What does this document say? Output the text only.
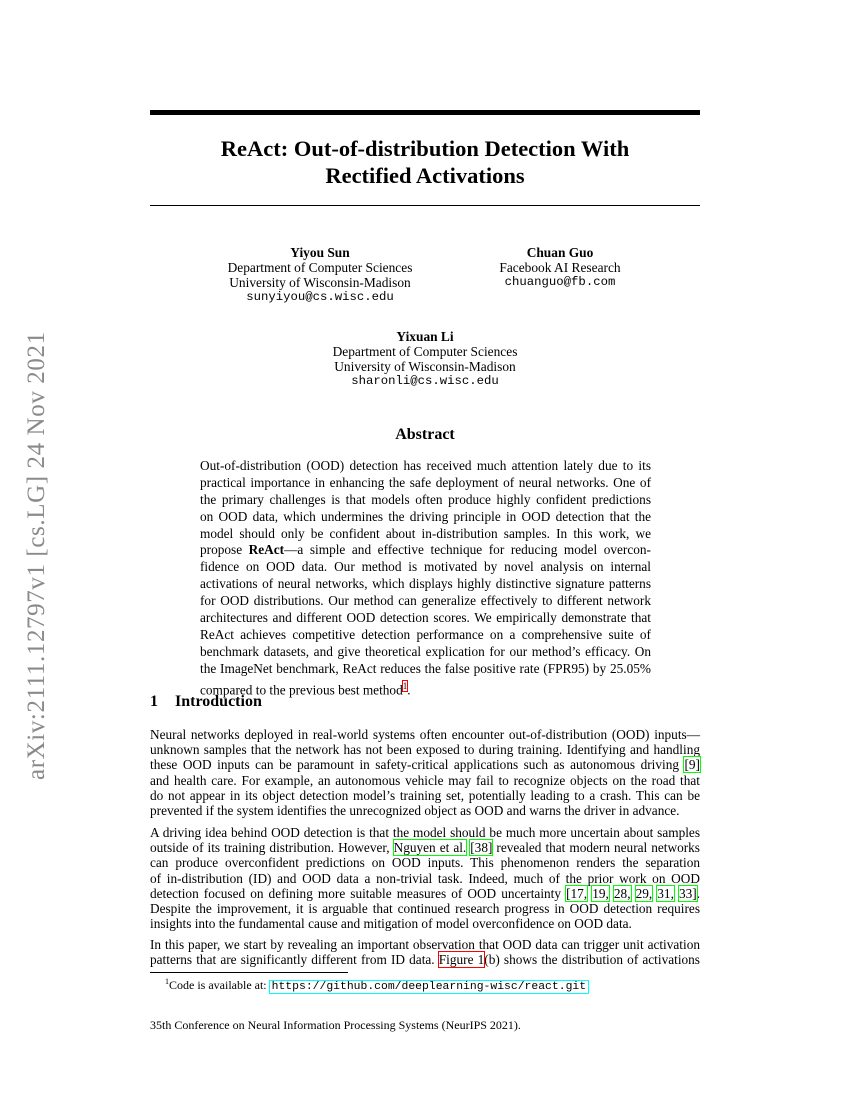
arXiv:2111.12797v1 [cs.LG] 24 Nov 2021
ReAct: Out-of-distribution Detection With
Rectified Activations
Yiyou Sun
Department of Computer Sciences
University of Wisconsin-Madison
sunyiyou@cs.wisc.edu
Chuan Guo
Facebook AI Research
chuanguo@fb.com
Yixuan Li
Department of Computer Sciences
University of Wisconsin-Madison
sharonli@cs.wisc.edu
Abstract
Out-of-distribution (OOD) detection has received much attention lately due to its
practical importance in enhancing the safe deployment of neural networks. One of
the primary challenges is that models often produce highly confident predictions
on OOD data, which undermines the driving principle in OOD detection that the
model should only be confident about in-distribution samples. In this work, we
propose ReAct—a simple and effective technique for reducing model overcon-
fidence on OOD data. Our method is motivated by novel analysis on internal
activations of neural networks, which displays highly distinctive signature patterns
for OOD distributions. Our method can generalize effectively to different network
architectures and different OOD detection scores. We empirically demonstrate that
ReAct achieves competitive detection performance on a comprehensive suite of
benchmark datasets, and give theoretical explication for our method’s efficacy. On
the ImageNet benchmark, ReAct reduces the false positive rate (FPR95) by 25.05%
compared to the previous best method$^1$.
1 Introduction
Neural networks deployed in real-world systems often encounter out-of-distribution (OOD) inputs—
unknown samples that the network has not been exposed to during training. Identifying and handling
these OOD inputs can be paramount in safety-critical applications such as autonomous driving [9]
and health care. For example, an autonomous vehicle may fail to recognize objects on the road that
do not appear in its object detection model’s training set, potentially leading to a crash. This can be
prevented if the system identifies the unrecognized object as OOD and warns the driver in advance.
A driving idea behind OOD detection is that the model should be much more uncertain about samples
outside of its training distribution. However, Nguyen et al. [38] revealed that modern neural networks
can produce overconfident predictions on OOD inputs. This phenomenon renders the separation
of in-distribution (ID) and OOD data a non-trivial task. Indeed, much of the prior work on OOD
detection focused on defining more suitable measures of OOD uncertainty [17, 19, 28, 29, 31, 33].
Despite the improvement, it is arguable that continued research progress in OOD detection requires
insights into the fundamental cause and mitigation of model overconfidence on OOD data.
In this paper, we start by revealing an important observation that OOD data can trigger unit activation
patterns that are significantly different from ID data. Figure 1(b) shows the distribution of activations
$^1$Code is available at: https://github.com/deeplearning-wisc/react.git
35th Conference on Neural Information Processing Systems (NeurIPS 2021).
